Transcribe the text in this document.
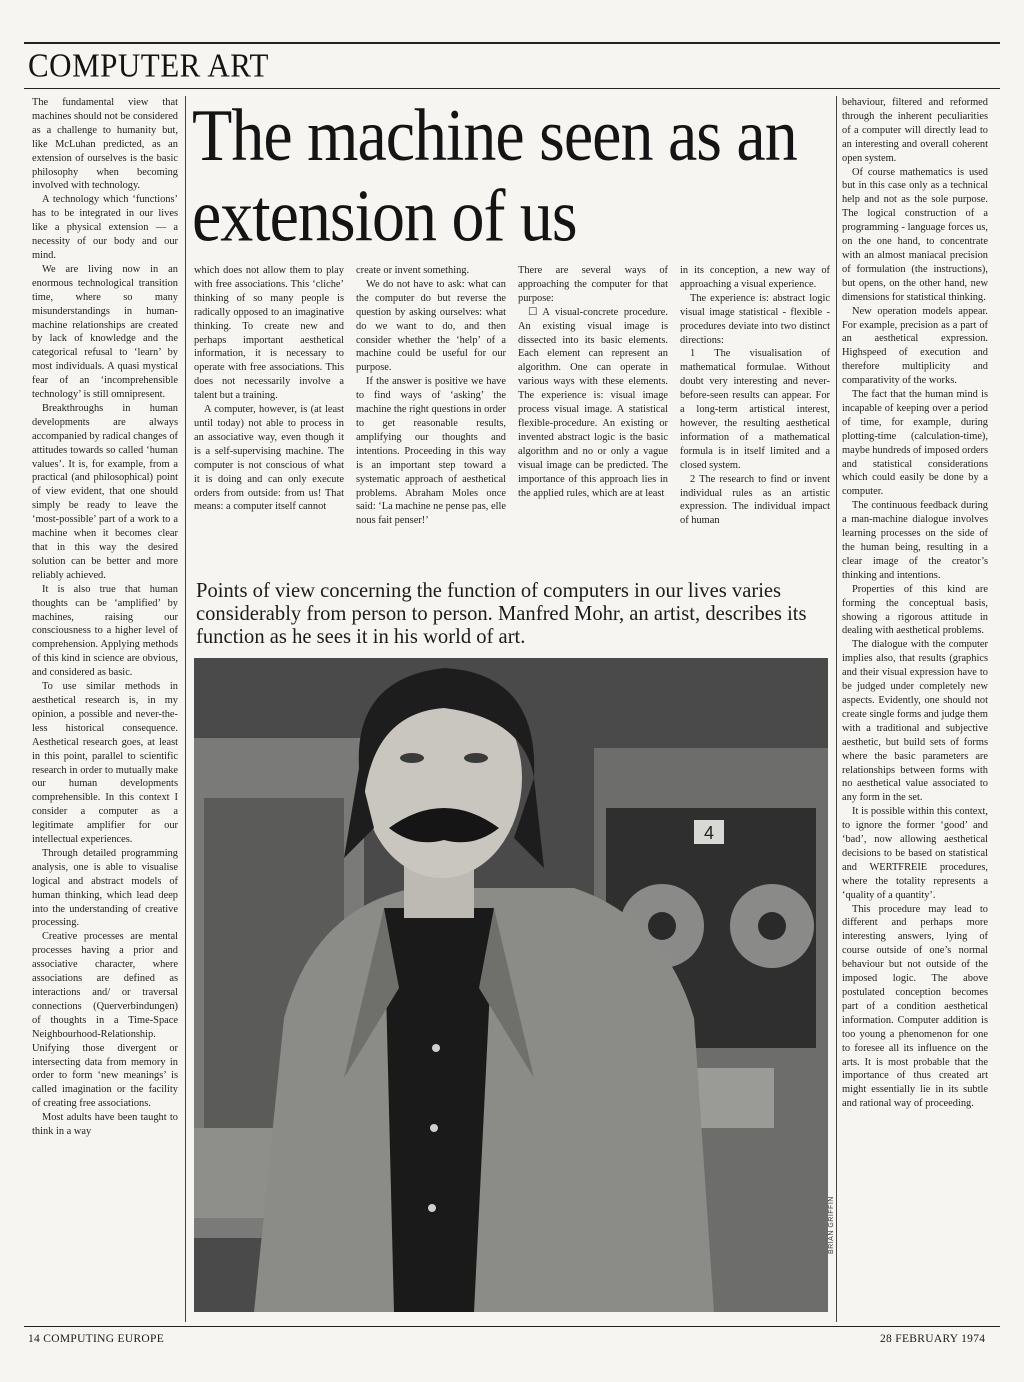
COMPUTER ART
The machine seen as an extension of us

The fundamental view that machines should not be considered as a challenge to humanity but, like McLuhan predicted, as an extension of ourselves is the basic philosophy when becoming involved with technology.

A technology which ‘functions’ has to be integrated in our lives like a physical extension — a necessity of our body and our mind.

We are living now in an enormous technological transition time, where so many misunderstandings in human-machine relationships are created by lack of knowledge and the categorical refusal to ‘learn’ by most individuals. A quasi mystical fear of an ‘incomprehensible technology’ is still omnipresent.

Breakthroughs in human developments are always accompanied by radical changes of attitudes towards so called ‘human values’. It is, for example, from a practical (and philosophical) point of view evident, that one should simply be ready to leave the ‘most-possible’ part of a work to a machine when it becomes clear that in this way the desired solution can be better and more reliably achieved.

It is also true that human thoughts can be ‘amplified’ by machines, raising our consciousness to a higher level of comprehension. Applying methods of this kind in science are obvious, and considered as basic.

To use similar methods in aesthetical research is, in my opinion, a possible and never-the-less historical consequence. Aesthetical research goes, at least in this point, parallel to scientific research in order to mutually make our human developments comprehensible. In this context I consider a computer as a legitimate amplifier for our intellectual experiences.

Through detailed programming analysis, one is able to visualise logical and abstract models of human thinking, which lead deep into the understanding of creative processing.

Creative processes are mental processes having a prior and associative character, where associations are defined as interactions and/ or traversal connections (Querverbindungen) of thoughts in a Time-Space Neighbourhood-Relationship. Unifying those divergent or intersecting data from memory in order to form ‘new meanings’ is called imagination or the facility of creating free associations.

Most adults have been taught to think in a way

which does not allow them to play with free associations. This ‘cliche’ thinking of so many people is radically opposed to an imaginative thinking. To create new and perhaps important aesthetical information, it is necessary to operate with free associations. This does not necessarily involve a talent but a training.

A computer, however, is (at least until today) not able to process in an associative way, even though it is a self-supervising machine. The computer is not conscious of what it is doing and can only execute orders from outside: from us! That means: a computer itself cannot

create or invent something.

We do not have to ask: what can the computer do but reverse the question by asking ourselves: what do we want to do, and then consider whether the ‘help’ of a machine could be useful for our purpose.

If the answer is positive we have to find ways of ‘asking’ the machine the right questions in order to get reasonable results, amplifying our thoughts and intentions. Proceeding in this way is an important step toward a systematic approach of aesthetical problems. Abraham Moles once said: ‘La machine ne pense pas, elle nous fait penser!’

There are several ways of approaching the computer for that purpose:

☐ A visual-concrete procedure. An existing visual image is dissected into its basic elements. Each element can represent an algorithm. One can operate in various ways with these elements. The experience is: visual image process visual image. A statistical flexible-procedure. An existing or invented abstract logic is the basic algorithm and no or only a vague visual image can be predicted. The importance of this approach lies in the applied rules, which are at least

in its conception, a new way of approaching a visual experience.

The experience is: abstract logic visual image statistical - flexible - procedures deviate into two distinct directions:

1 The visualisation of mathematical formulae. Without doubt very interesting and never-before-seen results can appear. For a long-term artistical interest, however, the resulting aesthetical information of a mathematical formula is in itself limited and a closed system.

2 The research to find or invent individual rules as an artistic expression. The individual impact of human

behaviour, filtered and reformed through the inherent peculiarities of a computer will directly lead to an interesting and overall coherent open system.

Of course mathematics is used but in this case only as a technical help and not as the sole purpose. The logical construction of a programming - language forces us, on the one hand, to concentrate with an almost maniacal precision of formulation (the instructions), but opens, on the other hand, new dimensions for statistical thinking.

New operation models appear. For example, precision as a part of an aesthetical expression. Highspeed of execution and therefore multiplicity and comparativity of the works.

The fact that the human mind is incapable of keeping over a period of time, for example, during plotting-time (calculation-time), maybe hundreds of imposed orders and statistical considerations which could easily be done by a computer.

The continuous feedback during a man-machine dialogue involves learning processes on the side of the human being, resulting in a clear image of the creator’s thinking and intentions.

Properties of this kind are forming the conceptual basis, showing a rigorous attitude in dealing with aesthetical problems.

The dialogue with the computer implies also, that results (graphics and their visual expression have to be judged under completely new aspects. Evidently, one should not create single forms and judge them with a traditional and subjective aesthetic, but build sets of forms where the basic parameters are relationships between forms with no aesthetical value associated to any form in the set.

It is possible within this context, to ignore the former ‘good’ and ‘bad’, now allowing aesthetical decisions to be based on statistical and WERTFREIE procedures, where the totality represents a ‘quality of a quantity’.

This procedure may lead to different and perhaps more interesting answers, lying of course outside of one’s normal behaviour but not outside of the imposed logic. The above postulated conception becomes part of a condition aesthetical information. Computer addition is too young a phenomenon for one to foresee all its influence on the arts. It is most probable that the importance of thus created art might essentially lie in its subtle and rational way of proceeding.

Points of view concerning the function of computers in our lives varies considerably from person to person. Manfred Mohr, an artist, describes its function as he sees it in his world of art.
4
BRIAN GRIFFIN
14 COMPUTING EUROPE	28 FEBRUARY 1974
